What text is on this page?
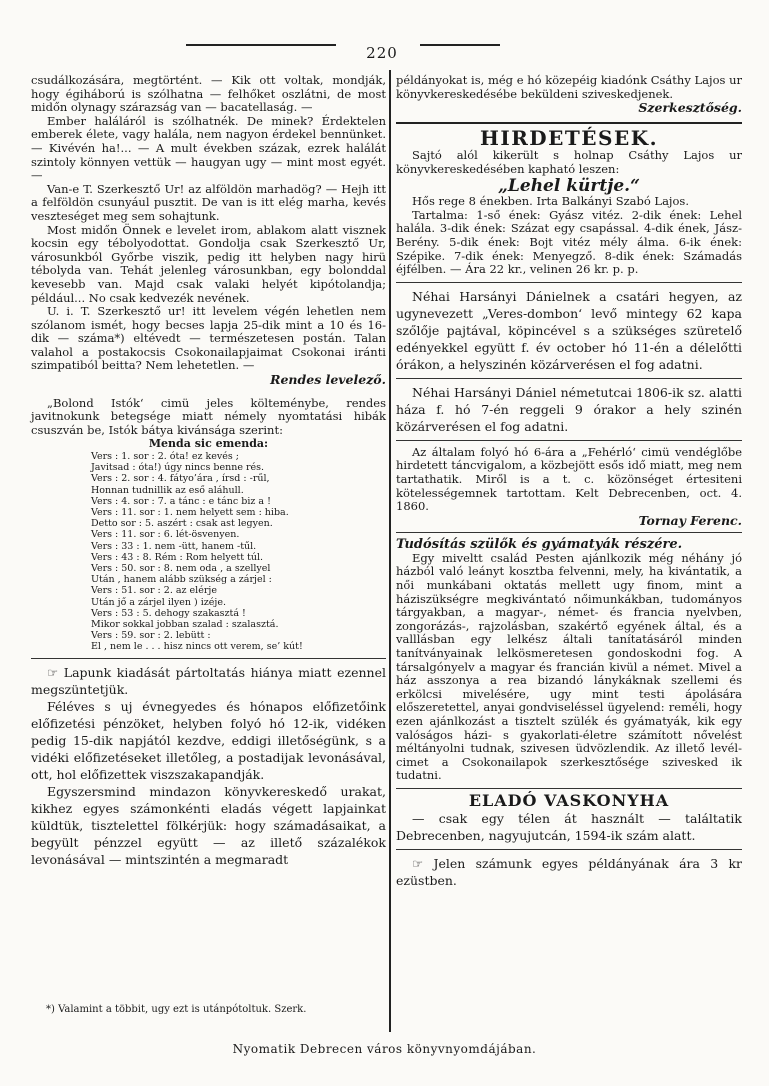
220

csudálkozására, megtörtént. — Kik ott voltak, mondják, hogy égiháború is szólhatna — felhőket oszlátni, de most midőn olynagy szárazság van — bacatellaság. —

Ember haláláról is szólhatnék. De minek? Érdektelen emberek élete, vagy halála, nem nagyon érdekel bennünket. — Kivévén ha!... — A mult években százak, ezrek halálát szintoly könnyen vettük — haugyan ugy — mint most egyét. —

Van-e T. Szerkesztő Ur! az alföldön marhadög? — Hejh itt a felföldön csunyául pusztit. De van is itt elég marha, kevés veszteséget meg sem sohajtunk.

Most midőn Önnek e levelet irom, ablakom alatt visznek kocsin egy tébolyodottat. Gondolja csak Szerkesztő Ur, városunkból Győrbe viszik, pedig itt helyben nagy hirü tébolyda van. Tehát jelenleg városunkban, egy bolonddal kevesebb van. Majd csak valaki helyét kipótolandja; például... No csak kedvezék nevének.

U. i. T. Szerkesztő ur! itt levelem végén lehetlen nem szólanom ismét, hogy becses lapja 25-dik mint a 10 és 16-dik — száma*) eltévedt — természetesen postán. Talan valahol a postakocsis Csokonailapjaimat Csokonai iránti szimpatiból beitta? Nem lehetetlen. —

Rendes levelező.

„Bolond Istók‘ cimü jeles költeménybe, rendes javitnokunk betegsége miatt némely nyomtatási hibák csuszván be, Istók bátya kivánsága szerint:

Menda sic emenda:

Vers : 1. sor : 2. óta! ez kevés ;
Javitsad : óta!) úgy nincs benne rés.
Vers : 2. sor : 4. fátyo’ára , írsd : -rűl,
Honnan tudnillik az eső aláhull.
Vers : 4. sor : 7. a tánc : e tánc biz a !
Vers : 11. sor : 1. nem helyett sem : hiba.
Detto sor : 5. aszért : csak ast legyen.
Vers : 11. sor : 6. lét-ösvenyen.
Vers : 33 : 1. nem -ütt, hanem -tűl.
Vers : 43 : 8. Rém : Rom helyett túl.
Vers : 50. sor : 8. nem oda , a szellyel
Után , hanem alább szükség a zárjel :
Vers : 51. sor : 2. az elérje
Után jő a zárjel ilyen ) izéje.
Vers : 53 : 5. dehogy szakasztá !
Mikor sokkal jobban szalad : szalasztá.
Vers : 59. sor : 2. lebütt :
El , nem le . . . hisz nincs ott verem, se’ kút!

☞ Lapunk kiadását pártoltatás hiánya miatt ezennel megszüntetjük.

Féléves s uj évnegyedes és hónapos előfizetőink előfizetési pénzöket, helyben folyó hó 12-ik, vidéken pedig 15-dik napjától kezdve, eddigi illetőségünk, s a vidéki előfizetéseket illetőleg, a postadijak levonásával, ott, hol előfizettek viszszakapandják.

Egyszersmind mindazon könyvkereskedő urakat, kikhez egyes számonkénti eladás végett lapjainkat küldtük, tisztelettel fölkérjük: hogy számadásaikat, a begyült pénzzel együtt — az illető százalékok levonásával — mintszintén a megmaradt

*) Valamint a többit, ugy ezt is utánpótoltuk. Szerk.

példányokat is, még e hó közepéig kiadónk Csáthy Lajos ur könyvkereskedésébe beküldeni sziveskedjenek.

Szerkesztőség.

HIRDETÉSEK.

Sajtó alól kikerült s holnap Csáthy Lajos ur könyvkereskedésében kapható leszen:

„Lehel kürtje.“

Hős rege 8 énekben. Irta Balkányi Szabó Lajos.

Tartalma: 1-ső ének: Gyász vitéz. 2-dik ének: Lehel halála. 3-dik ének: Százat egy csapással. 4-dik ének, Jász-Berény. 5-dik ének: Bojt vitéz mély álma. 6-ik ének: Szépike. 7-dik ének: Menyegző. 8-dik ének: Számadás éjfélben. — Ára 22 kr., velinen 26 kr. p. p.

Néhai Harsányi Dánielnek a csatári hegyen, az ugynevezett „Veres-dombon‘ levő mintegy 62 kapa szőlője pajtával, köpincével s a szükséges szüretelő edényekkel együtt f. év october hó 11-én a délelőtti órákon, a helyszinén közárverésen el fog adatni.

Néhai Harsányi Dániel németutcai 1806-ik sz. alatti háza f. hó 7-én reggeli 9 órakor a hely szinén közárverésen el fog adatni.

Az általam folyó hó 6-ára a „Fehérló‘ cimü vendéglőbe hirdetett táncvigalom, a közbejött esős idő miatt, meg nem tartathatik. Miről is a t. c. közönséget értesiteni kötelességemnek tartottam. Kelt Debrecenben, oct. 4. 1860.

Tornay Ferenc.

Tudósítás szülők és gyámatyák részére.

Egy miveltt család Pesten ajánlkozik még néhány jó házból való leányt kosztba felvenni, mely, ha kivántatik, a női munkábani oktatás mellett ugy finom, mint a háziszükségre megkivántató nőimunkákban, tudományos tárgyakban, a magyar-, német- és francia nyelvben, zongorázás-, rajzolásban, szakértő egyének által, és a valllásban egy lelkész általi tanítatásáról minden tanítványainak lelkösmeretesen gondoskodni fog. A társalgónyelv a magyar és francián kivül a német. Mivel a ház asszonya a rea bizandó lánykáknak szellemi és erkölcsi mivelésére, ugy mint testi ápolására előszeretettel, anyai gondviseléssel ügyelend: reméli, hogy ezen ajánlkozást a tisztelt szülék és gyámatyák, kik egy valóságos házi- s gyakorlati-életre számított nővelést méltányolni tudnak, szivesen üdvözlendik. Az illető levél-cimet a Csokonailapok szerkesztősége szivesked ik tudatni.

ELADÓ VASKONYHA

— csak egy télen át használt — találtatik Debrecenben, nagyujutcán, 1594-ik szám alatt.

☞ Jelen számunk egyes példányának ára 3 kr ezüstben.

Nyomatik Debrecen város könyvnyomdájában.
